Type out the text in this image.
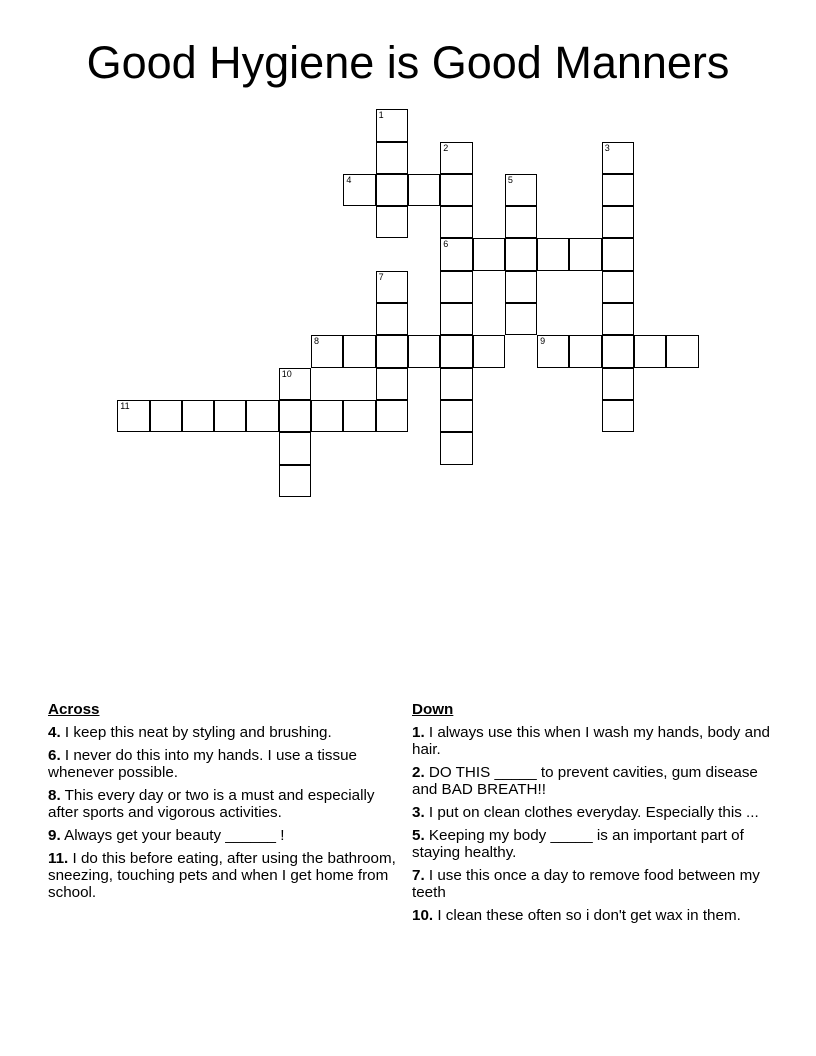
Good Hygiene is Good Manners
1
2
6
3
4	5
7
8	9
10
11
Across
4. I keep this neat by styling and brushing.
6. I never do this into my hands. I use a tissue whenever possible.
8. This every day or two is a must and especially after sports and vigorous activities.
9. Always get your beauty ______ !
11. I do this before eating, after using the bathroom, sneezing, touching pets and when I get home from school.
Down
1. I always use this when I wash my hands, body and hair.
2. DO THIS _____ to prevent cavities, gum disease and BAD BREATH!!
3. I put on clean clothes everyday. Especially this ...
5. Keeping my body _____ is an important part of staying healthy.
7. I use this once a day to remove food between my teeth
10. I clean these often so i don't get wax in them.
